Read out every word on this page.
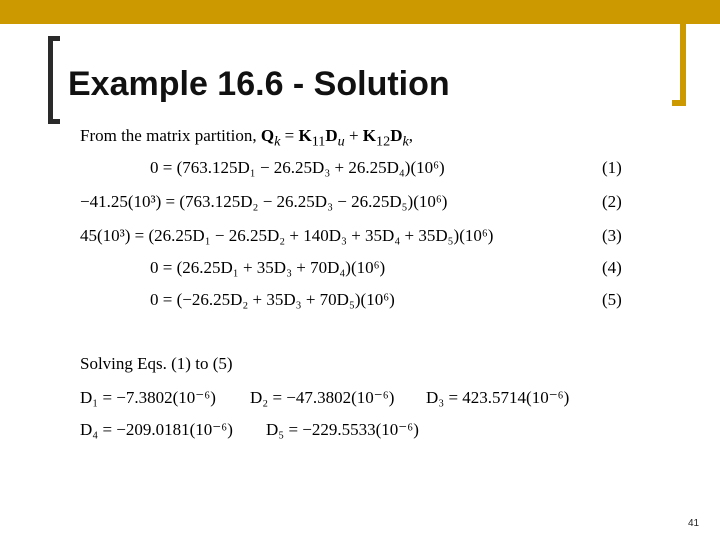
Example 16.6 - Solution
From the matrix partition, $Q_k = K_{11}D_u + K_{12}D_k$,
0 = (763.125D₁ − 26.25D₃ + 26.25D₄)(10⁶)	(1)
−41.25(10³) = (763.125D₂ − 26.25D₃ − 26.25D₅)(10⁶)	(2)
45(10³) = (26.25D₁ − 26.25D₂ + 140D₃ + 35D₄ + 35D₅)(10⁶)	(3)
0 = (26.25D₁ + 35D₃ + 70D₄)(10⁶)	(4)
0 = (−26.25D₂ + 35D₃ + 70D₅)(10⁶)	(5)
Solving Eqs. (1) to (5)
D₁ = −7.3802(10⁻⁶) D₂ = −47.3802(10⁻⁶) D₃ = 423.5714(10⁻⁶)
D₄ = −209.0181(10⁻⁶) D₅ = −229.5533(10⁻⁶)
41
